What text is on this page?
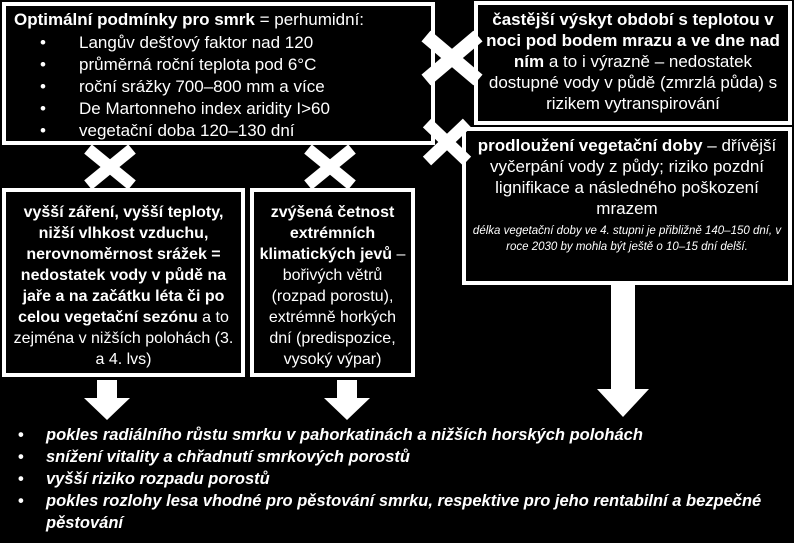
Optimální podmínky pro smrk = perhumidní:
• Langův dešťový faktor nad 120
• průměrná roční teplota pod 6°C
• roční srážky 700–800 mm a více
• De Martonneho index aridity I>60
• vegetační doba 120–130 dní
častější výskyt období s teplotou v noci pod bodem mrazu a ve dne nad ním a to i výrazně – nedostatek dostupné vody v půdě (zmrzlá půda) s rizikem vytranspirování
prodloužení vegetační doby – dřívější vyčerpání vody z půdy; riziko pozdní lignifikace a následného poškození mrazem
délka vegetační doby ve 4. stupni je přibližně 140–150 dní, v roce 2030 by mohla být ještě o 10–15 dní delší.
vyšší záření, vyšší teploty, nižší vlhkost vzduchu, nerovnoměrnost srážek = nedostatek vody v půdě na jaře a na začátku léta či po celou vegetační sezónu a to zejména v nižších polohách (3. a 4. lvs)
zvýšená četnost extrémních klimatických jevů – bořivých větrů (rozpad porostu), extrémně horkých dní (predispozice, vysoký výpar)
• pokles radiálního růstu smrku v pahorkatinách a nižších horských polohách
• snížení vitality a chřadnutí smrkových porostů
• vyšší riziko rozpadu porostů
• pokles rozlohy lesa vhodné pro pěstování smrku, respektive pro jeho rentabilní a bezpečné pěstování
